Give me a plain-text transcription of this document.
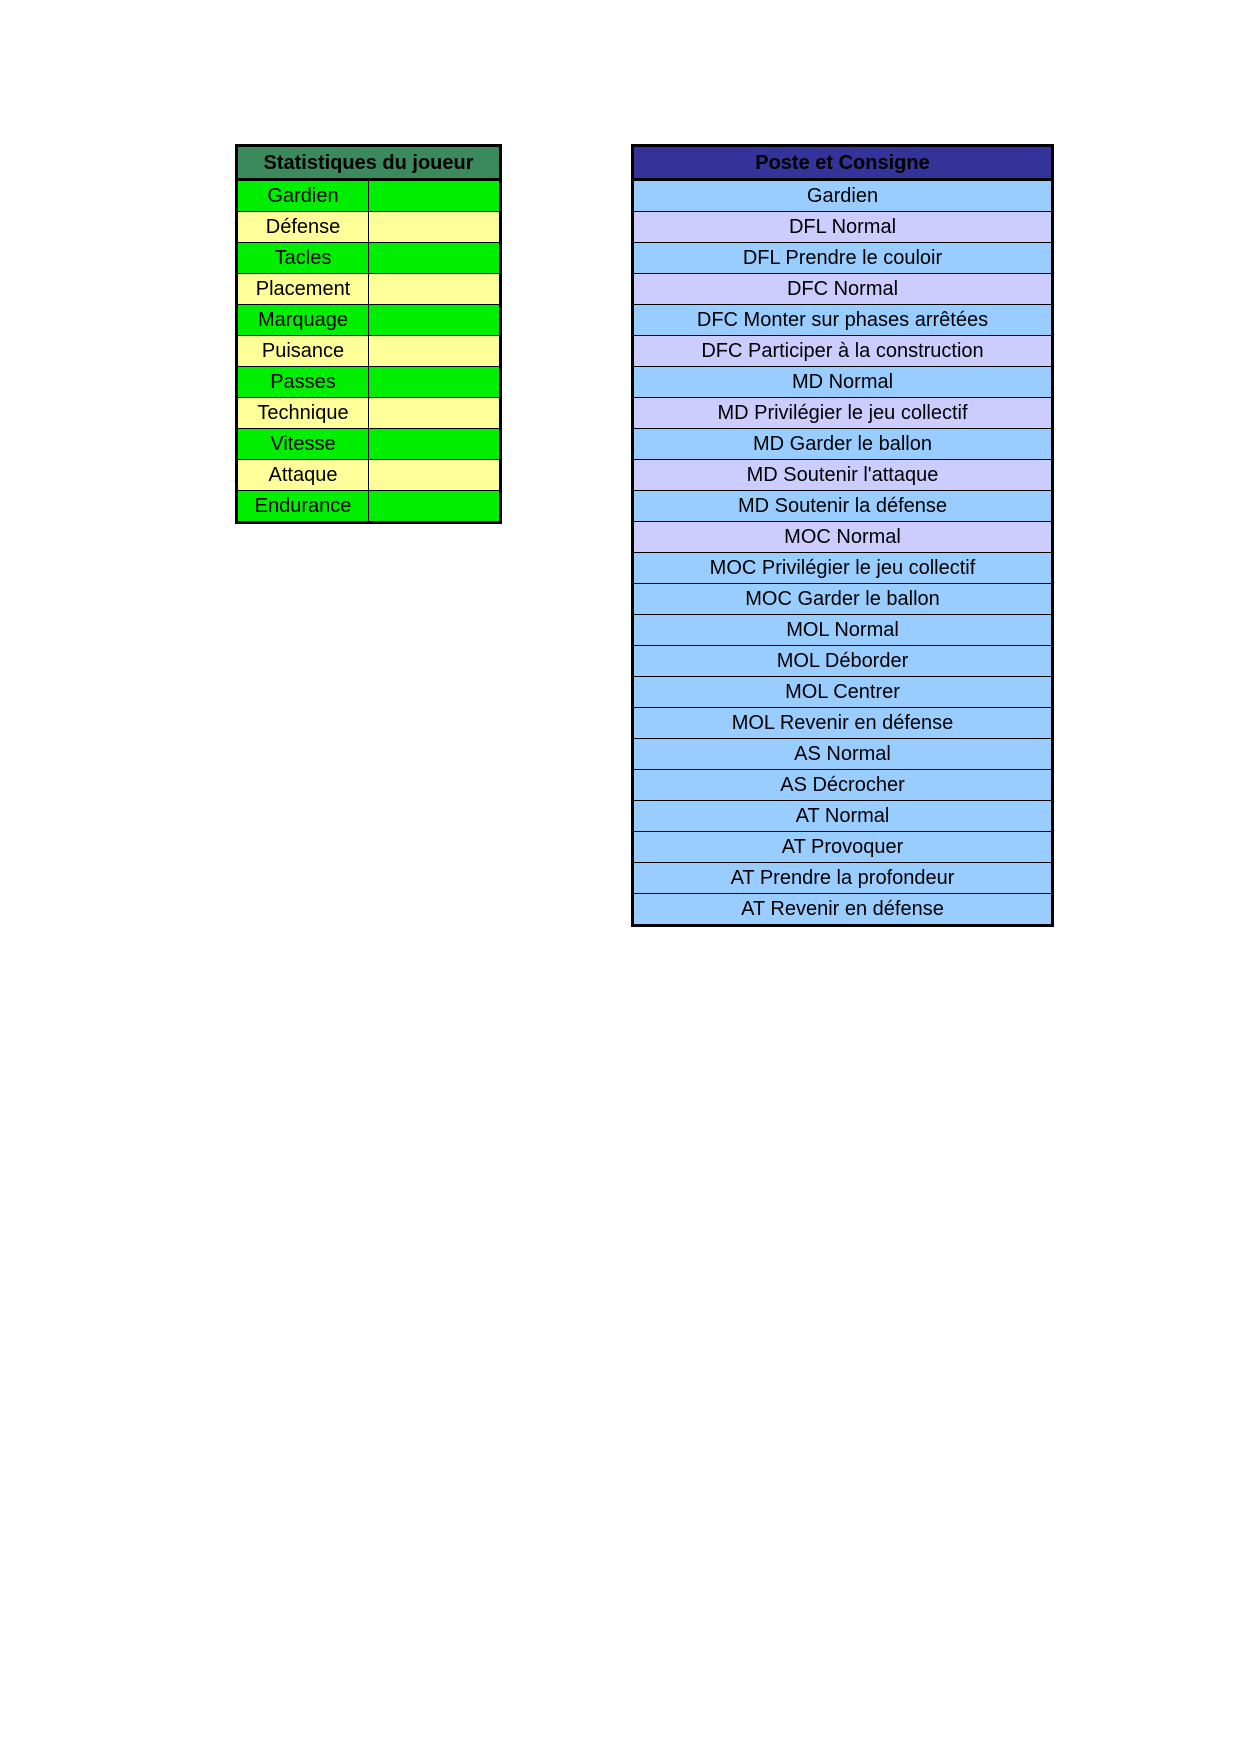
Statistiques du joueur	
Gardien	
Défense	
Tacles	
Placement	
Marquage	
Puisance	
Passes	
Technique	
Vitesse	
Attaque	
Endurance	
Poste et Consigne
Gardien
DFL Normal
DFL Prendre le couloir
DFC Normal
DFC Monter sur phases arrêtées
DFC Participer à la construction
MD Normal
MD Privilégier le jeu collectif
MD Garder le ballon
MD Soutenir l'attaque
MD Soutenir la défense
MOC Normal
MOC Privilégier le jeu collectif
MOC Garder le ballon
MOL Normal
MOL Déborder
MOL Centrer
MOL Revenir en défense
AS Normal
AS Décrocher
AT Normal
AT Provoquer
AT Prendre la profondeur
AT Revenir en défense
